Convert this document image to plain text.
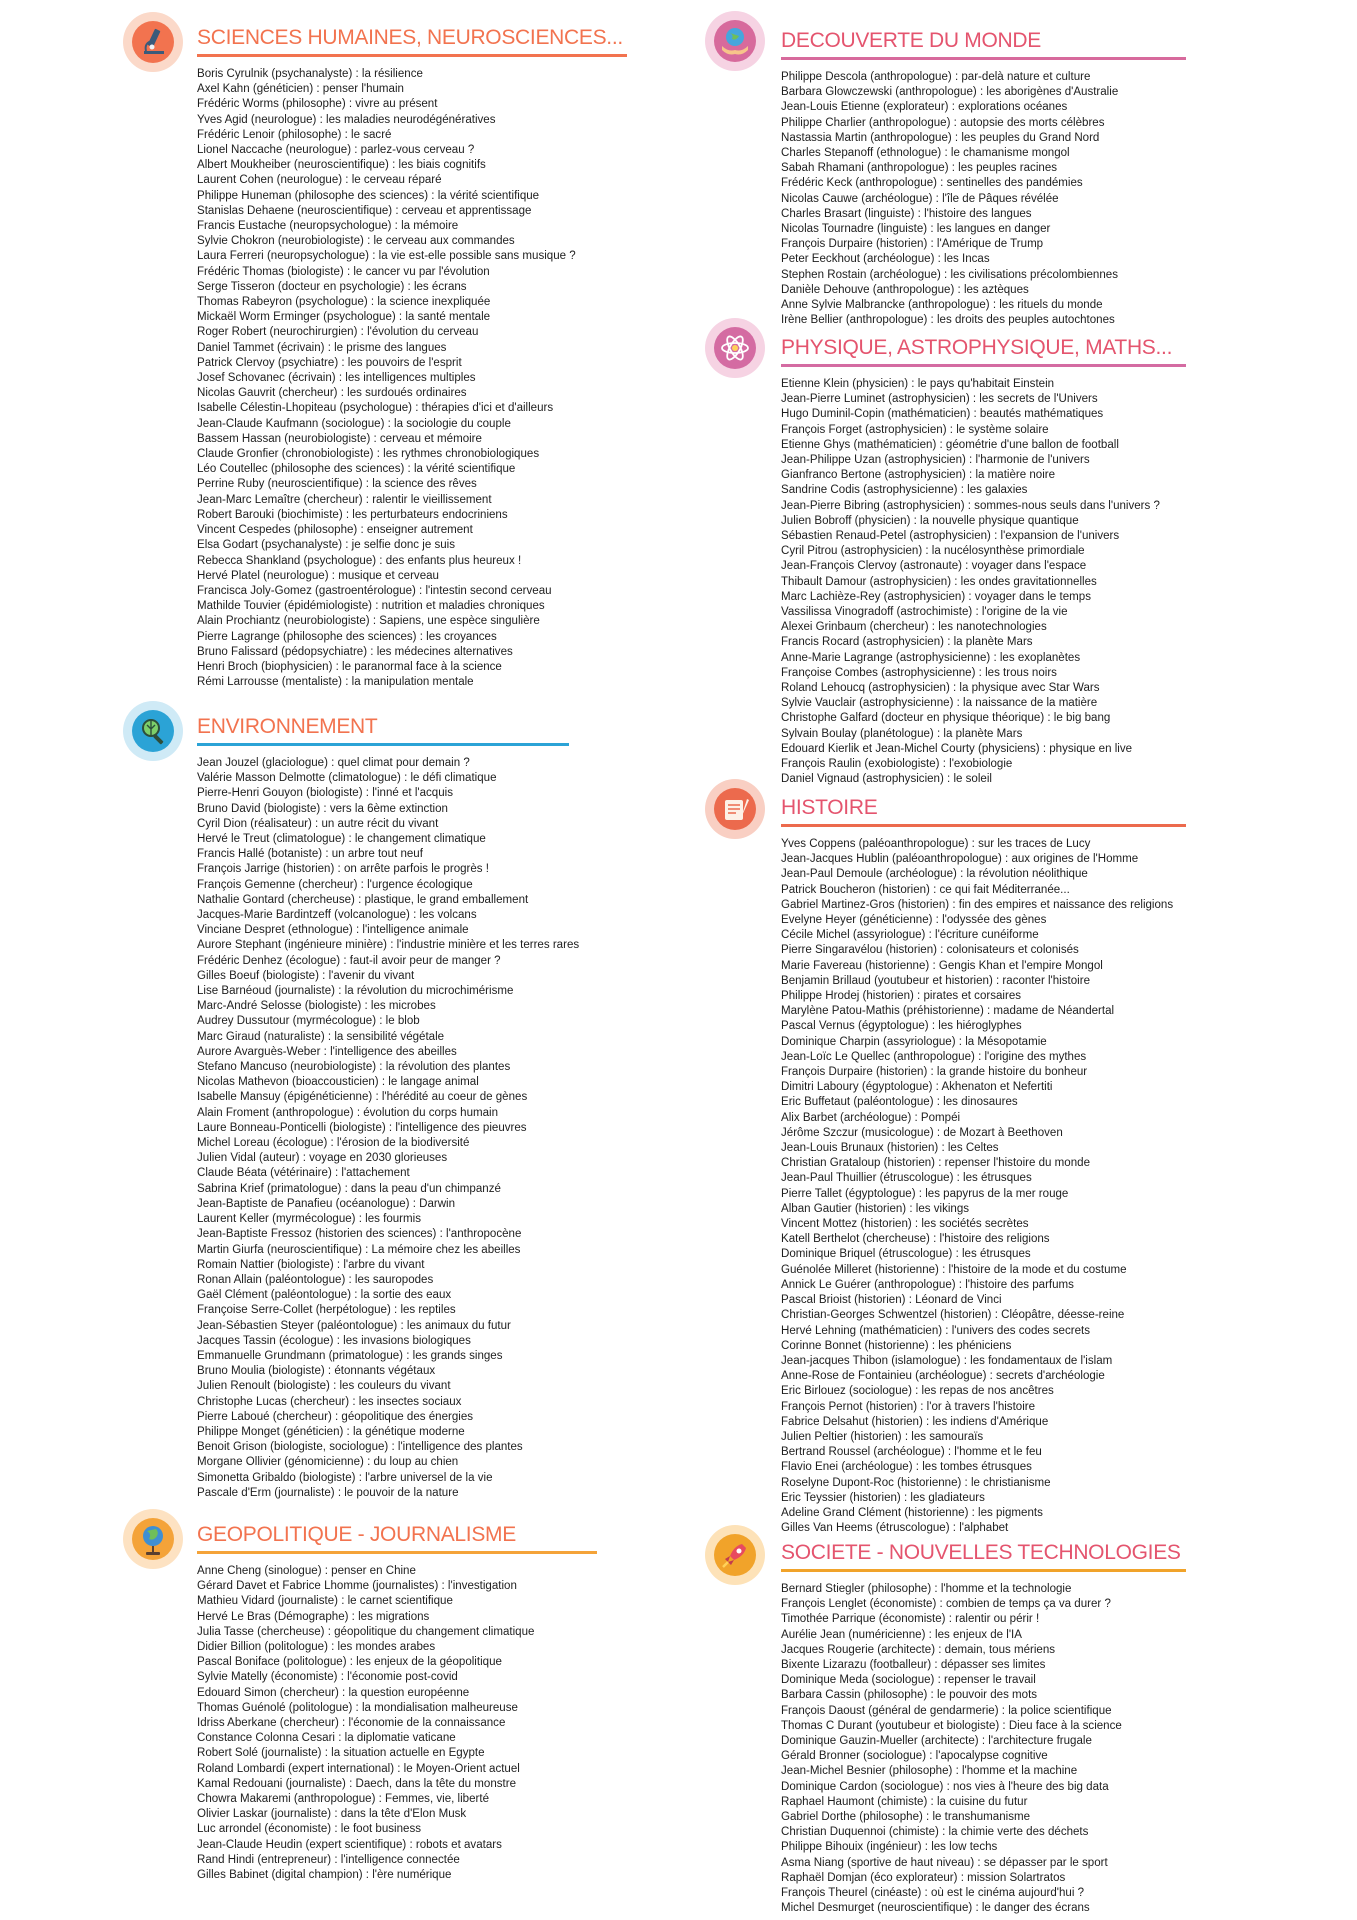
SCIENCES HUMAINES, NEUROSCIENCES...
Boris Cyrulnik (psychanalyste) : la résilience
Axel Kahn (généticien) : penser l'humain
Frédéric Worms (philosophe) : vivre au présent
Yves Agid (neurologue) : les maladies neurodégénératives
Frédéric Lenoir (philosophe) : le sacré
Lionel Naccache (neurologue) : parlez-vous cerveau ?
Albert Moukheiber (neuroscientifique) : les biais cognitifs
Laurent Cohen (neurologue) : le cerveau réparé
Philippe Huneman (philosophe des sciences) : la vérité scientifique
Stanislas Dehaene (neuroscientifique) : cerveau et apprentissage
Francis Eustache (neuropsychologue) : la mémoire
Sylvie Chokron (neurobiologiste) : le cerveau aux commandes
Laura Ferreri (neuropsychologue) : la vie est-elle possible sans musique ?
Frédéric Thomas (biologiste) : le cancer vu par l'évolution
Serge Tisseron (docteur en psychologie) : les écrans
Thomas Rabeyron (psychologue) : la science inexpliquée
Mickaël Worm Erminger (psychologue) : la santé mentale
Roger Robert (neurochirurgien) : l'évolution du cerveau
Daniel Tammet (écrivain) : le prisme des langues
Patrick Clervoy (psychiatre) : les pouvoirs de l'esprit
Josef Schovanec (écrivain) : les intelligences multiples
Nicolas Gauvrit (chercheur) : les surdoués ordinaires
Isabelle Célestin-Lhopiteau (psychologue) : thérapies d'ici et d'ailleurs
Jean-Claude Kaufmann (sociologue) : la sociologie du couple
Bassem Hassan (neurobiologiste) : cerveau et mémoire
Claude Gronfier (chronobiologiste) : les rythmes chronobiologiques
Léo Coutellec (philosophe des sciences) : la vérité scientifique
Perrine Ruby (neuroscientifique) : la science des rêves
Jean-Marc Lemaître (chercheur) : ralentir le vieillissement
Robert Barouki (biochimiste) : les perturbateurs endocriniens
Vincent Cespedes (philosophe) : enseigner autrement
Elsa Godart (psychanalyste) : je selfie donc je suis
Rebecca Shankland (psychologue) : des enfants plus heureux !
Hervé Platel (neurologue) : musique et cerveau
Francisca Joly-Gomez (gastroentérologue) : l'intestin second cerveau
Mathilde Touvier (épidémiologiste) : nutrition et maladies chroniques
Alain Prochiantz (neurobiologiste) : Sapiens, une espèce singulière
Pierre Lagrange (philosophe des sciences) : les croyances
Bruno Falissard (pédopsychiatre) : les médecines alternatives
Henri Broch (biophysicien) : le paranormal face à la science
Rémi Larrousse (mentaliste) : la manipulation mentale
ENVIRONNEMENT
Jean Jouzel (glaciologue) : quel climat pour demain ?
Valérie Masson Delmotte (climatologue) : le défi climatique
Pierre-Henri Gouyon (biologiste) : l'inné et l'acquis
Bruno David (biologiste) : vers la 6ème extinction
Cyril Dion (réalisateur) : un autre récit du vivant
Hervé le Treut (climatologue) : le changement climatique
Francis Hallé (botaniste) : un arbre tout neuf
François Jarrige (historien) : on arrête parfois le progrès !
François Gemenne (chercheur) : l'urgence écologique
Nathalie Gontard (chercheuse) : plastique, le grand emballement
Jacques-Marie Bardintzeff (volcanologue) : les volcans
Vinciane Despret (ethnologue) : l'intelligence animale
Aurore Stephant (ingénieure minière) : l'industrie minière et les terres rares
Frédéric Denhez (écologue) : faut-il avoir peur de manger ?
Gilles Boeuf (biologiste) : l'avenir du vivant
Lise Barnéoud (journaliste) : la révolution du microchimérisme
Marc-André Selosse (biologiste) : les microbes
Audrey Dussutour (myrmécologue) : le blob
Marc Giraud (naturaliste) : la sensibilité végétale
Aurore Avarguès-Weber : l'intelligence des abeilles
Stefano Mancuso (neurobiologiste) : la révolution des plantes
Nicolas Mathevon (bioaccousticien) : le langage animal
Isabelle Mansuy (épigénéticienne) : l'hérédité au coeur de gènes
Alain Froment (anthropologue) : évolution du corps humain
Laure Bonneau-Ponticelli (biologiste) : l'intelligence des pieuvres
Michel Loreau (écologue) : l'érosion de la biodiversité
Julien Vidal (auteur) : voyage en 2030 glorieuses
Claude Béata (vétérinaire) : l'attachement
Sabrina Krief (primatologue) : dans la peau d'un chimpanzé
Jean-Baptiste de Panafieu (océanologue) : Darwin
Laurent Keller (myrmécologue) : les fourmis
Jean-Baptiste Fressoz (historien des sciences) : l'anthropocène
Martin Giurfa (neuroscientifique) : La mémoire chez les abeilles
Romain Nattier (biologiste) : l'arbre du vivant
Ronan Allain (paléontologue) : les sauropodes
Gaël Clément (paléontologue) : la sortie des eaux
Françoise Serre-Collet (herpétologue) : les reptiles
Jean-Sébastien Steyer (paléontologue) : les animaux du futur
Jacques Tassin (écologue) : les invasions biologiques
Emmanuelle Grundmann (primatologue) : les grands singes
Bruno Moulia (biologiste) : étonnants végétaux
Julien Renoult (biologiste) : les couleurs du vivant
Christophe Lucas (chercheur) : les insectes sociaux
Pierre Laboué (chercheur) : géopolitique des énergies
Philippe Monget (généticien) : la génétique moderne
Benoit Grison (biologiste, sociologue) : l'intelligence des plantes
Morgane Ollivier (génomicienne) : du loup au chien
Simonetta Gribaldo (biologiste) : l'arbre universel de la vie
Pascale d'Erm (journaliste) : le pouvoir de la nature
GEOPOLITIQUE - JOURNALISME
Anne Cheng (sinologue) : penser en Chine
Gérard Davet et Fabrice Lhomme (journalistes) : l'investigation
Mathieu Vidard (journaliste) : le carnet scientifique
Hervé Le Bras (Démographe) : les migrations
Julia Tasse (chercheuse) : géopolitique du changement climatique
Didier Billion (politologue) : les mondes arabes
Pascal Boniface (politologue) : les enjeux de la géopolitique
Sylvie Matelly (économiste) : l'économie post-covid
Edouard Simon (chercheur) : la question européenne
Thomas Guénolé (politologue) : la mondialisation malheureuse
Idriss Aberkane (chercheur) : l'économie de la connaissance
Constance Colonna Cesari : la diplomatie vaticane
Robert Solé (journaliste) : la situation actuelle en Egypte
Roland Lombardi (expert international) : le Moyen-Orient actuel
Kamal Redouani (journaliste) : Daech, dans la tête du monstre
Chowra Makaremi (anthropologue) : Femmes, vie, liberté
Olivier Laskar (journaliste) : dans la tête d'Elon Musk
Luc arrondel (économiste) : le foot business
Jean-Claude Heudin (expert scientifique) : robots et avatars
Rand Hindi (entrepreneur) : l'intelligence connectée
Gilles Babinet (digital champion) : l'ère numérique
DECOUVERTE DU MONDE
Philippe Descola (anthropologue) : par-delà nature et culture
Barbara Glowczewski (anthropologue) : les aborigènes d'Australie
Jean-Louis Etienne (explorateur) : explorations océanes
Philippe Charlier (anthropologue) : autopsie des morts célèbres
Nastassia Martin (anthropologue) : les peuples du Grand Nord
Charles Stepanoff (ethnologue) : le chamanisme mongol
Sabah Rhamani (anthropologue) : les peuples racines
Frédéric Keck (anthropologue) : sentinelles des pandémies
Nicolas Cauwe (archéologue) : l'île de Pâques révélée
Charles Brasart (linguiste) : l'histoire des langues
Nicolas Tournadre (linguiste) : les langues en danger
François Durpaire (historien) : l'Amérique de Trump
Peter Eeckhout (archéologue) : les Incas
Stephen Rostain (archéologue) : les civilisations précolombiennes
Danièle Dehouve (anthropologue) : les aztèques
Anne Sylvie Malbrancke (anthropologue) : les rituels du monde
Irène Bellier (anthropologue) : les droits des peuples autochtones
PHYSIQUE, ASTROPHYSIQUE, MATHS...
Etienne Klein (physicien) : le pays qu'habitait Einstein
Jean-Pierre Luminet (astrophysicien) : les secrets de l'Univers
Hugo Duminil-Copin (mathématicien) : beautés mathématiques
François Forget (astrophysicien) : le système solaire
Etienne Ghys (mathématicien) : géométrie d'une ballon de football
Jean-Philippe Uzan (astrophysicien) : l'harmonie de l'univers
Gianfranco Bertone (astrophysicien) : la matière noire
Sandrine Codis (astrophysicienne) : les galaxies
Jean-Pierre Bibring (astrophysicien) : sommes-nous seuls dans l'univers ?
Julien Bobroff (physicien) : la nouvelle physique quantique
Sébastien Renaud-Petel (astrophysicien) : l'expansion de l'univers
Cyril Pitrou (astrophysicien) : la nucélosynthèse primordiale
Jean-François Clervoy (astronaute) : voyager dans l'espace
Thibault Damour (astrophysicien) : les ondes gravitationnelles
Marc Lachièze-Rey (astrophysicien) : voyager dans le temps
Vassilissa Vinogradoff (astrochimiste) : l'origine de la vie
Alexei Grinbaum (chercheur) : les nanotechnologies
Francis Rocard (astrophysicien) : la planète Mars
Anne-Marie Lagrange (astrophysicienne) : les exoplanètes
Françoise Combes (astrophysicienne) : les trous noirs
Roland Lehoucq (astrophysicien) : la physique avec Star Wars
Sylvie Vauclair (astrophysicienne) : la naissance de la matière
Christophe Galfard (docteur en physique théorique) : le big bang
Sylvain Boulay (planétologue) : la planète Mars
Edouard Kierlik et Jean-Michel Courty (physiciens) : physique en live
François Raulin (exobiologiste) : l'exobiologie
Daniel Vignaud (astrophysicien) : le soleil
HISTOIRE
Yves Coppens (paléoanthropologue) : sur les traces de Lucy
Jean-Jacques Hublin (paléoanthropologue) : aux origines de l'Homme
Jean-Paul Demoule (archéologue) : la révolution néolithique
Patrick Boucheron (historien) : ce qui fait Méditerranée...
Gabriel Martinez-Gros (historien) : fin des empires et naissance des religions
Evelyne Heyer (généticienne) : l'odyssée des gènes
Cécile Michel (assyriologue) : l'écriture cunéiforme
Pierre Singaravélou (historien) : colonisateurs et colonisés
Marie Favereau (historienne) : Gengis Khan et l'empire Mongol
Benjamin Brillaud (youtubeur et historien) : raconter l'histoire
Philippe Hrodej (historien) : pirates et corsaires
Marylène Patou-Mathis (préhistorienne) : madame de Néandertal
Pascal Vernus (égyptologue) : les hiéroglyphes
Dominique Charpin (assyriologue) : la Mésopotamie
Jean-Loïc Le Quellec (anthropologue) : l'origine des mythes
François Durpaire (historien) : la grande histoire du bonheur
Dimitri Laboury (égyptologue) : Akhenaton et Nefertiti
Eric Buffetaut (paléontologue) : les dinosaures
Alix Barbet (archéologue) : Pompéi
Jérôme Szczur (musicologue) : de Mozart à Beethoven
Jean-Louis Brunaux (historien) : les Celtes
Christian Grataloup (historien) : repenser l'histoire du monde
Jean-Paul Thuillier (étruscologue) : les étrusques
Pierre Tallet (égyptologue) : les papyrus de la mer rouge
Alban Gautier (historien) : les vikings
Vincent Mottez (historien) : les sociétés secrètes
Katell Berthelot (chercheuse) : l'histoire des religions
Dominique Briquel (étruscologue) : les étrusques
Guénolée Milleret (historienne) : l'histoire de la mode et du costume
Annick Le Guérer (anthropologue) : l'histoire des parfums
Pascal Brioist (historien) : Léonard de Vinci
Christian-Georges Schwentzel (historien) : Cléopâtre, déesse-reine
Hervé Lehning (mathématicien) : l'univers des codes secrets
Corinne Bonnet (historienne) : les phéniciens
Jean-jacques Thibon (islamologue) : les fondamentaux de l'islam
Anne-Rose de Fontainieu (archéologue) : secrets d'archéologie
Eric Birlouez (sociologue) : les repas de nos ancêtres
François Pernot (historien) : l'or à travers l'histoire
Fabrice Delsahut (historien) : les indiens d'Amérique
Julien Peltier (historien) : les samouraïs
Bertrand Roussel (archéologue) : l'homme et le feu
Flavio Enei (archéologue) : les tombes étrusques
Roselyne Dupont-Roc (historienne) : le christianisme
Eric Teyssier (historien) : les gladiateurs
Adeline Grand Clément (historienne) : les pigments
Gilles Van Heems (étruscologue) : l'alphabet
SOCIETE - NOUVELLES TECHNOLOGIES
Bernard Stiegler (philosophe) : l'homme et la technologie
François Lenglet (économiste) : combien de temps ça va durer ?
Timothée Parrique (économiste) : ralentir ou périr !
Aurélie Jean (numéricienne) : les enjeux de l'IA
Jacques Rougerie (architecte) : demain, tous mériens
Bixente Lizarazu (footballeur) : dépasser ses limites
Dominique Meda (sociologue) : repenser le travail
Barbara Cassin (philosophe) : le pouvoir des mots
François Daoust (général de gendarmerie) : la police scientifique
Thomas C Durant (youtubeur et biologiste) : Dieu face à la science
Dominique Gauzin-Mueller (architecte) : l'architecture frugale
Gérald Bronner (sociologue) : l'apocalypse cognitive
Jean-Michel Besnier (philosophe) : l'homme et la machine
Dominique Cardon (sociologue) : nos vies à l'heure des big data
Raphael Haumont (chimiste) : la cuisine du futur
Gabriel Dorthe (philosophe) : le transhumanisme
Christian Duquennoi (chimiste) : la chimie verte des déchets
Philippe Bihouix (ingénieur) : les low techs
Asma Niang (sportive de haut niveau) : se dépasser par le sport
Raphaël Domjan (éco explorateur) : mission Solartratos
François Theurel (cinéaste) : où est le cinéma aujourd'hui ?
Michel Desmurget (neuroscientifique) : le danger des écrans
